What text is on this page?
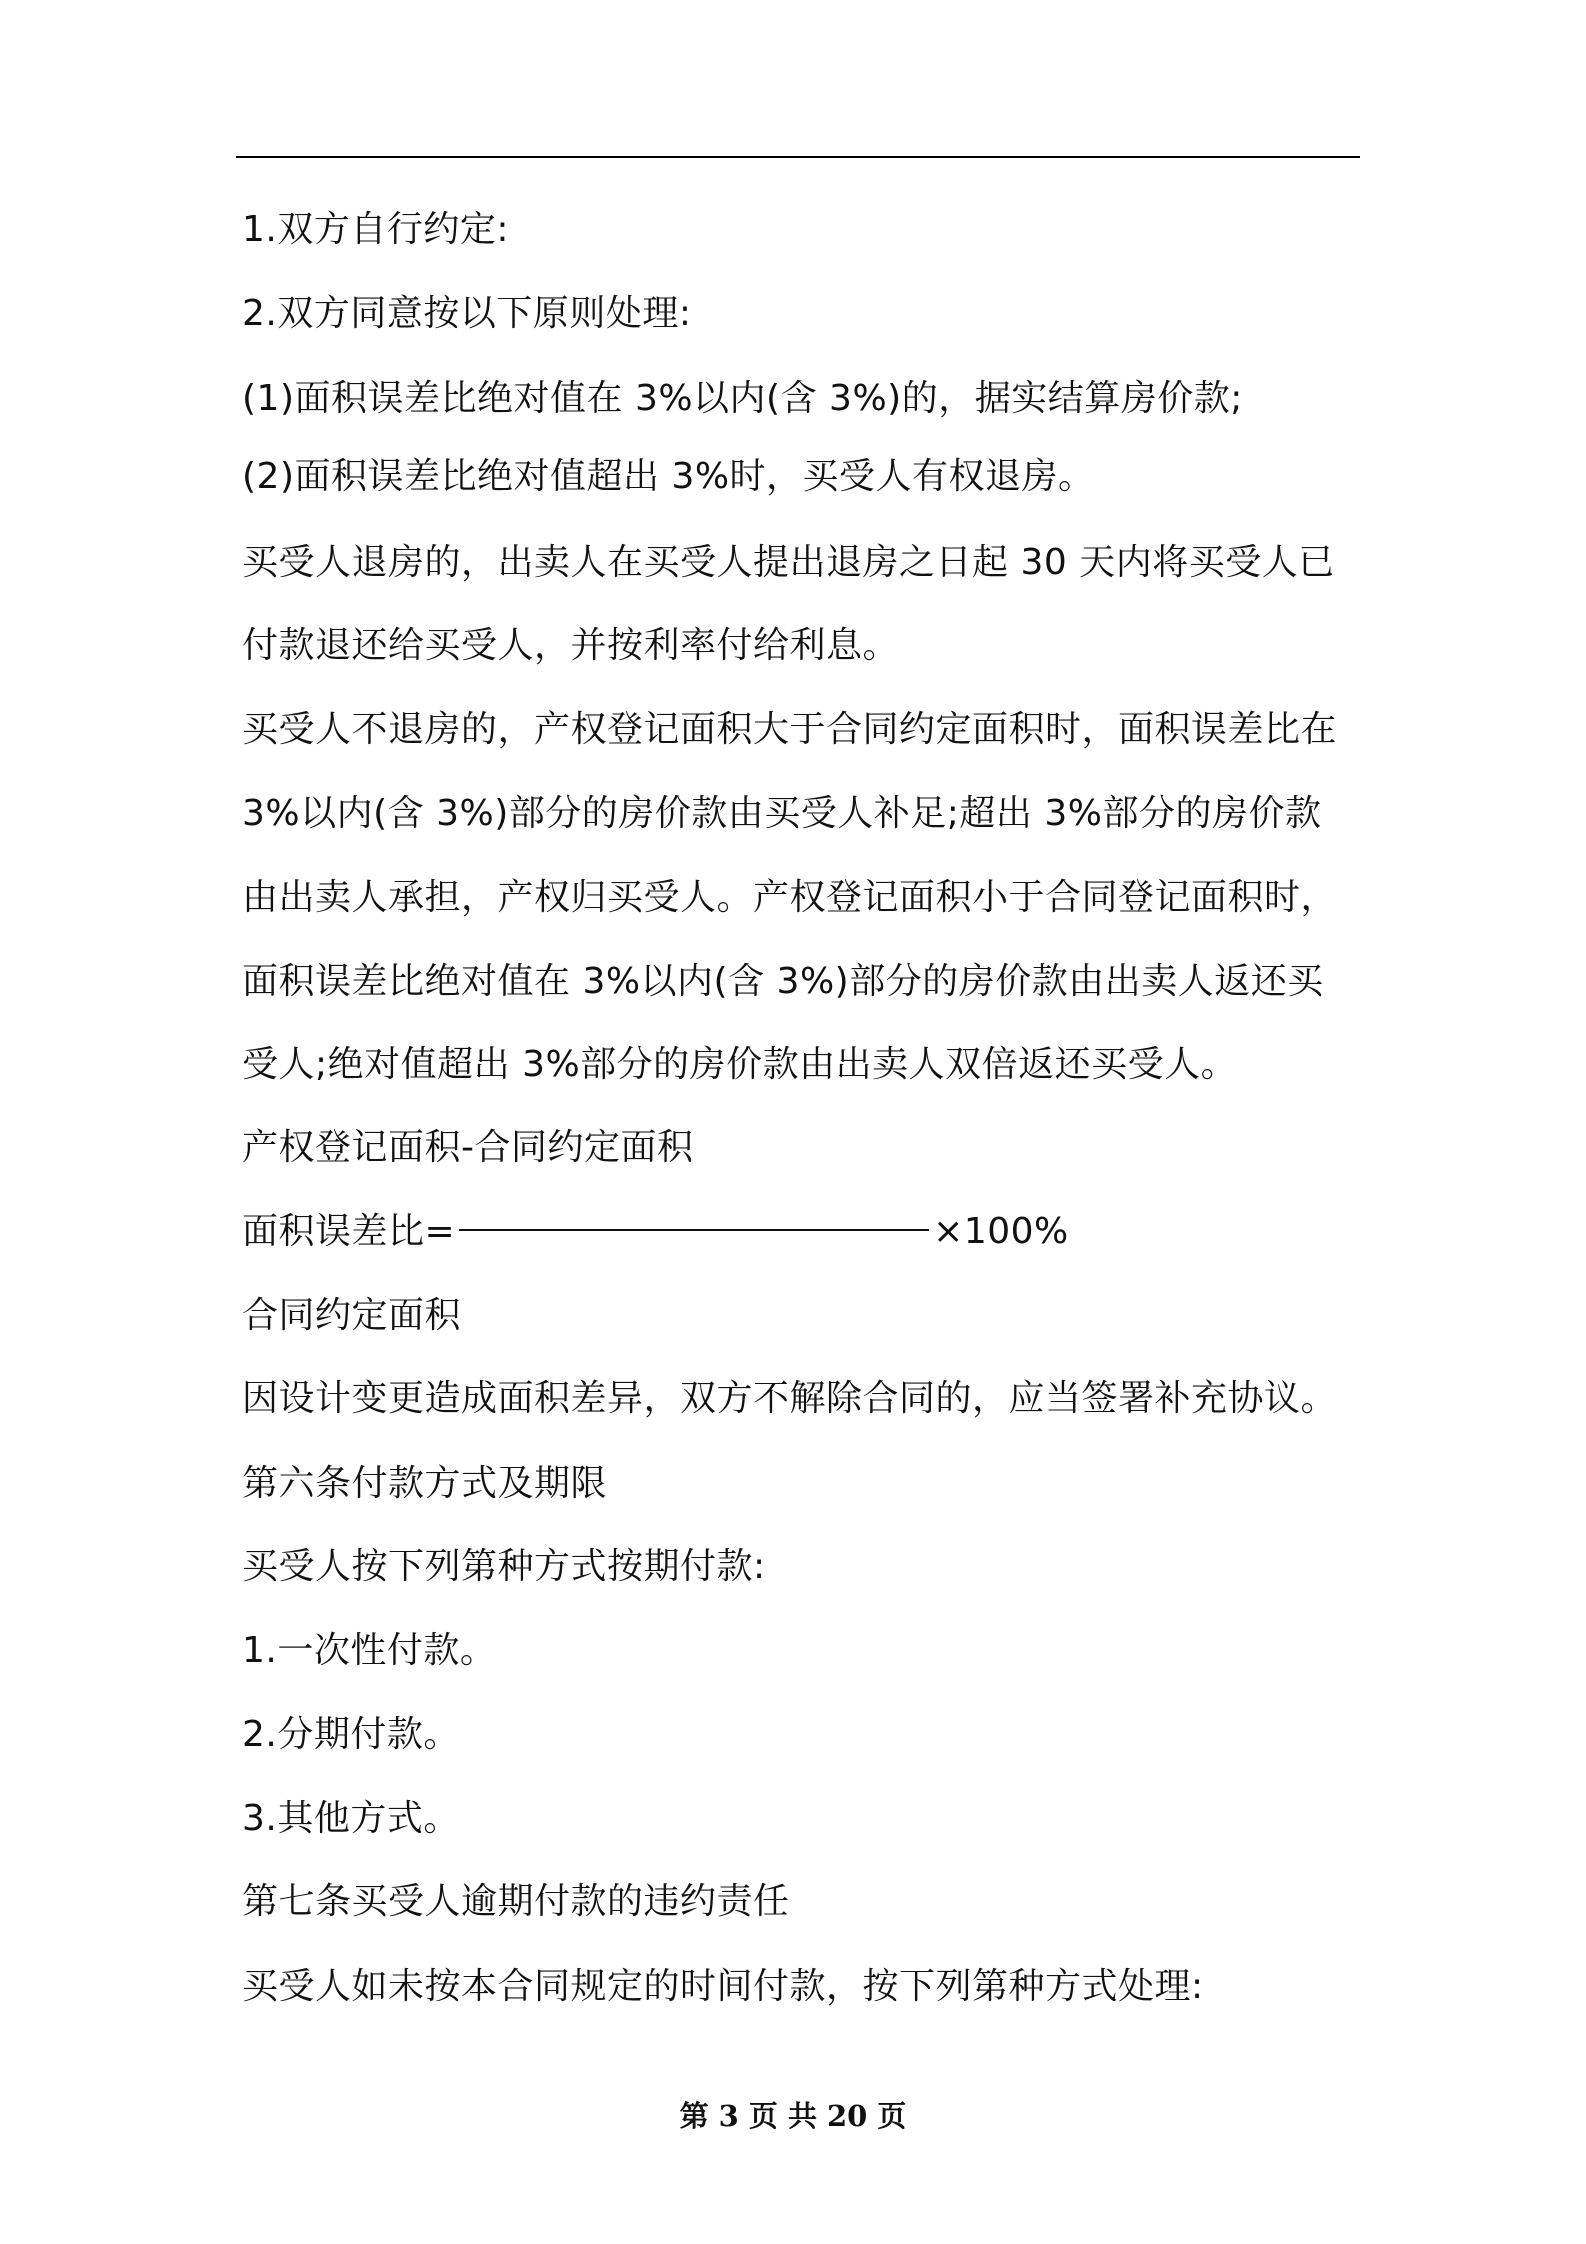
1.双方自行约定:
2.双方同意按以下原则处理:
(1)面积误差比绝对值在 3%以内(含 3%)的，据实结算房价款;
(2)面积误差比绝对值超出 3%时，买受人有权退房。
买受人退房的，出卖人在买受人提出退房之日起 30 天内将买受人已
付款退还给买受人，并按利率付给利息。
买受人不退房的，产权登记面积大于合同约定面积时，面积误差比在
3%以内(含 3%)部分的房价款由买受人补足;超出 3%部分的房价款
由出卖人承担，产权归买受人。产权登记面积小于合同登记面积时，
面积误差比绝对值在 3%以内(含 3%)部分的房价款由出卖人返还买
受人;绝对值超出 3%部分的房价款由出卖人双倍返还买受人。
产权登记面积-合同约定面积
面积误差比=	×100%
合同约定面积
因设计变更造成面积差异，双方不解除合同的，应当签署补充协议。
第六条付款方式及期限
买受人按下列第种方式按期付款:
1.一次性付款。
2.分期付款。
3.其他方式。
第七条买受人逾期付款的违约责任
买受人如未按本合同规定的时间付款，按下列第种方式处理:
第 3 页 共 20 页
